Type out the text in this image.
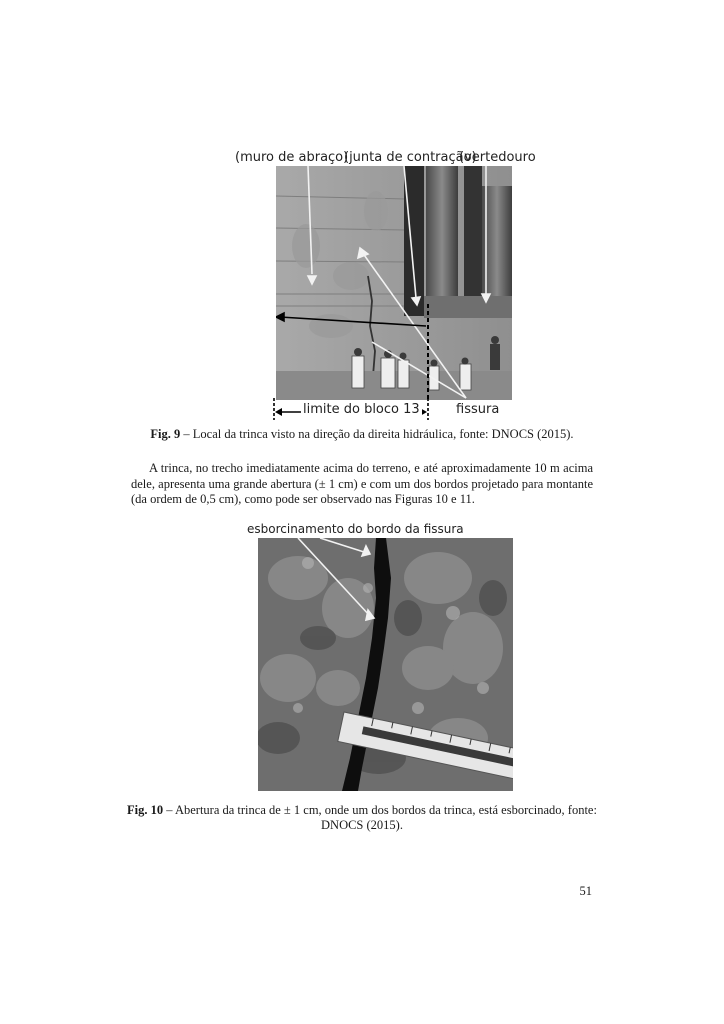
(muro de abraço)
(junta de contração)
(vertedouro
limite do bloco 13	fissura
Fig. 9 – Local da trinca visto na direção da direita hidráulica, fonte: DNOCS (2015).
A trinca, no trecho imediatamente acima do terreno, e até aproximadamente 10 m acima dele, apresenta uma grande abertura (± 1 cm) e com um dos bordos projetado para montante (da ordem de 0,5 cm), como pode ser observado nas Figuras 10 e 11.
esborcinamento do bordo da fissura
Fig. 10 – Abertura da trinca de ± 1 cm, onde um dos bordos da trinca, está esborcinado, fonte:
DNOCS (2015).
51
